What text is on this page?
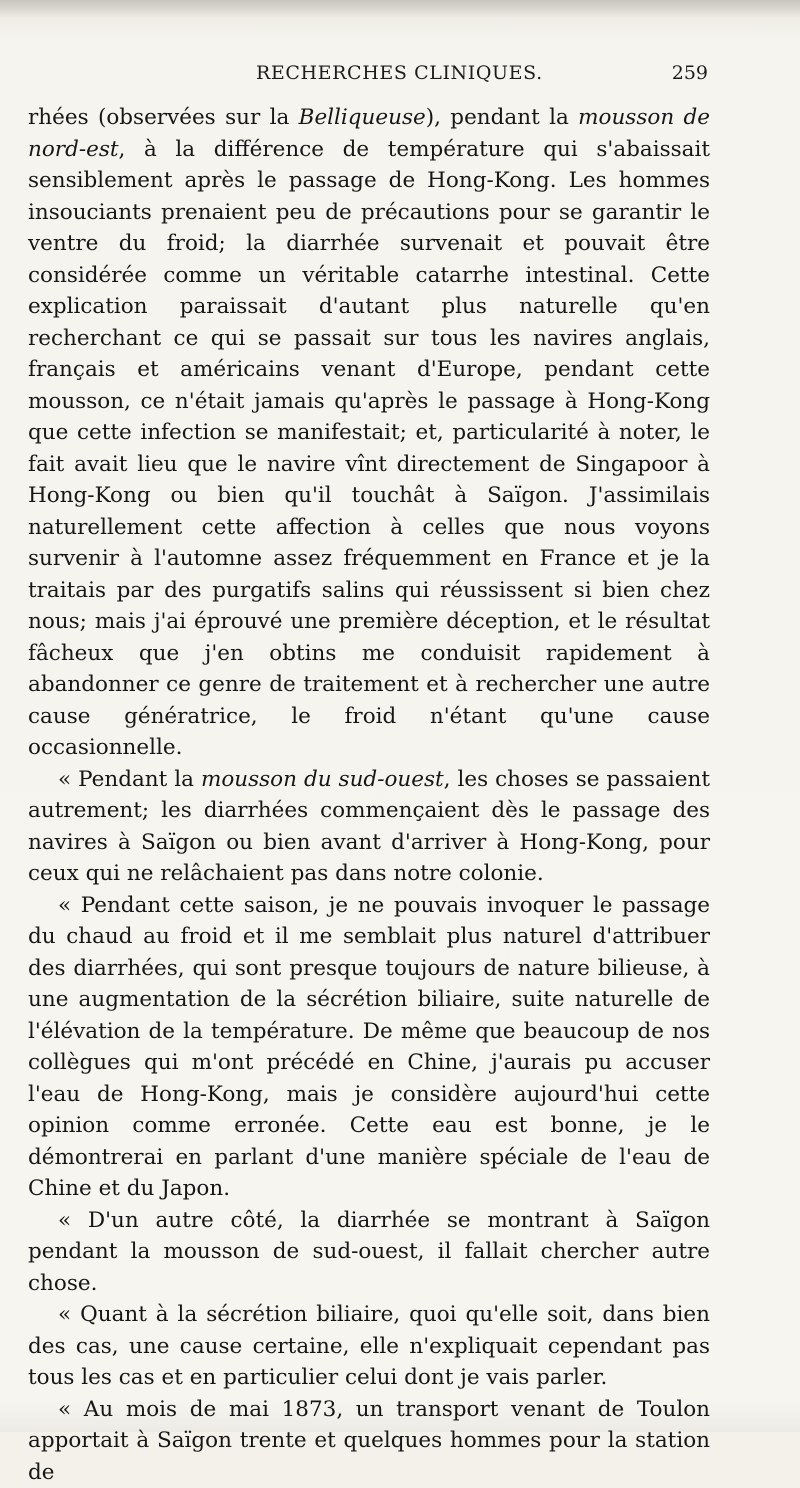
RECHERCHES CLINIQUES.	259

rhées (observées sur la Belliqueuse), pendant la mousson de nord-est, à la différence de température qui s'abaissait sensiblement après le passage de Hong-Kong. Les hommes insouciants prenaient peu de précautions pour se garantir le ventre du froid; la diarrhée survenait et pouvait être considérée comme un véritable catarrhe intestinal. Cette explication paraissait d'autant plus naturelle qu'en recherchant ce qui se passait sur tous les navires anglais, français et américains venant d'Europe, pendant cette mousson, ce n'était jamais qu'après le passage à Hong-Kong que cette infection se manifestait; et, particularité à noter, le fait avait lieu que le navire vînt directement de Singapoor à Hong-Kong ou bien qu'il touchât à Saïgon. J'assimilais naturellement cette affection à celles que nous voyons survenir à l'automne assez fréquemment en France et je la traitais par des purgatifs salins qui réussissent si bien chez nous; mais j'ai éprouvé une première déception, et le résultat fâcheux que j'en obtins me conduisit rapidement à abandonner ce genre de traitement et à rechercher une autre cause génératrice, le froid n'étant qu'une cause occasionnelle.

« Pendant la mousson du sud-ouest, les choses se passaient autrement; les diarrhées commençaient dès le passage des navires à Saïgon ou bien avant d'arriver à Hong-Kong, pour ceux qui ne relâchaient pas dans notre colonie.

« Pendant cette saison, je ne pouvais invoquer le passage du chaud au froid et il me semblait plus naturel d'attribuer des diarrhées, qui sont presque toujours de nature bilieuse, à une augmentation de la sécrétion biliaire, suite naturelle de l'élévation de la température. De même que beaucoup de nos collègues qui m'ont précédé en Chine, j'aurais pu accuser l'eau de Hong-Kong, mais je considère aujourd'hui cette opinion comme erronée. Cette eau est bonne, je le démontrerai en parlant d'une manière spéciale de l'eau de Chine et du Japon.

« D'un autre côté, la diarrhée se montrant à Saïgon pendant la mousson de sud-ouest, il fallait chercher autre chose.

« Quant à la sécrétion biliaire, quoi qu'elle soit, dans bien des cas, une cause certaine, elle n'expliquait cependant pas tous les cas et en particulier celui dont je vais parler.

« Au mois de mai 1873, un transport venant de Toulon apportait à Saïgon trente et quelques hommes pour la station de
